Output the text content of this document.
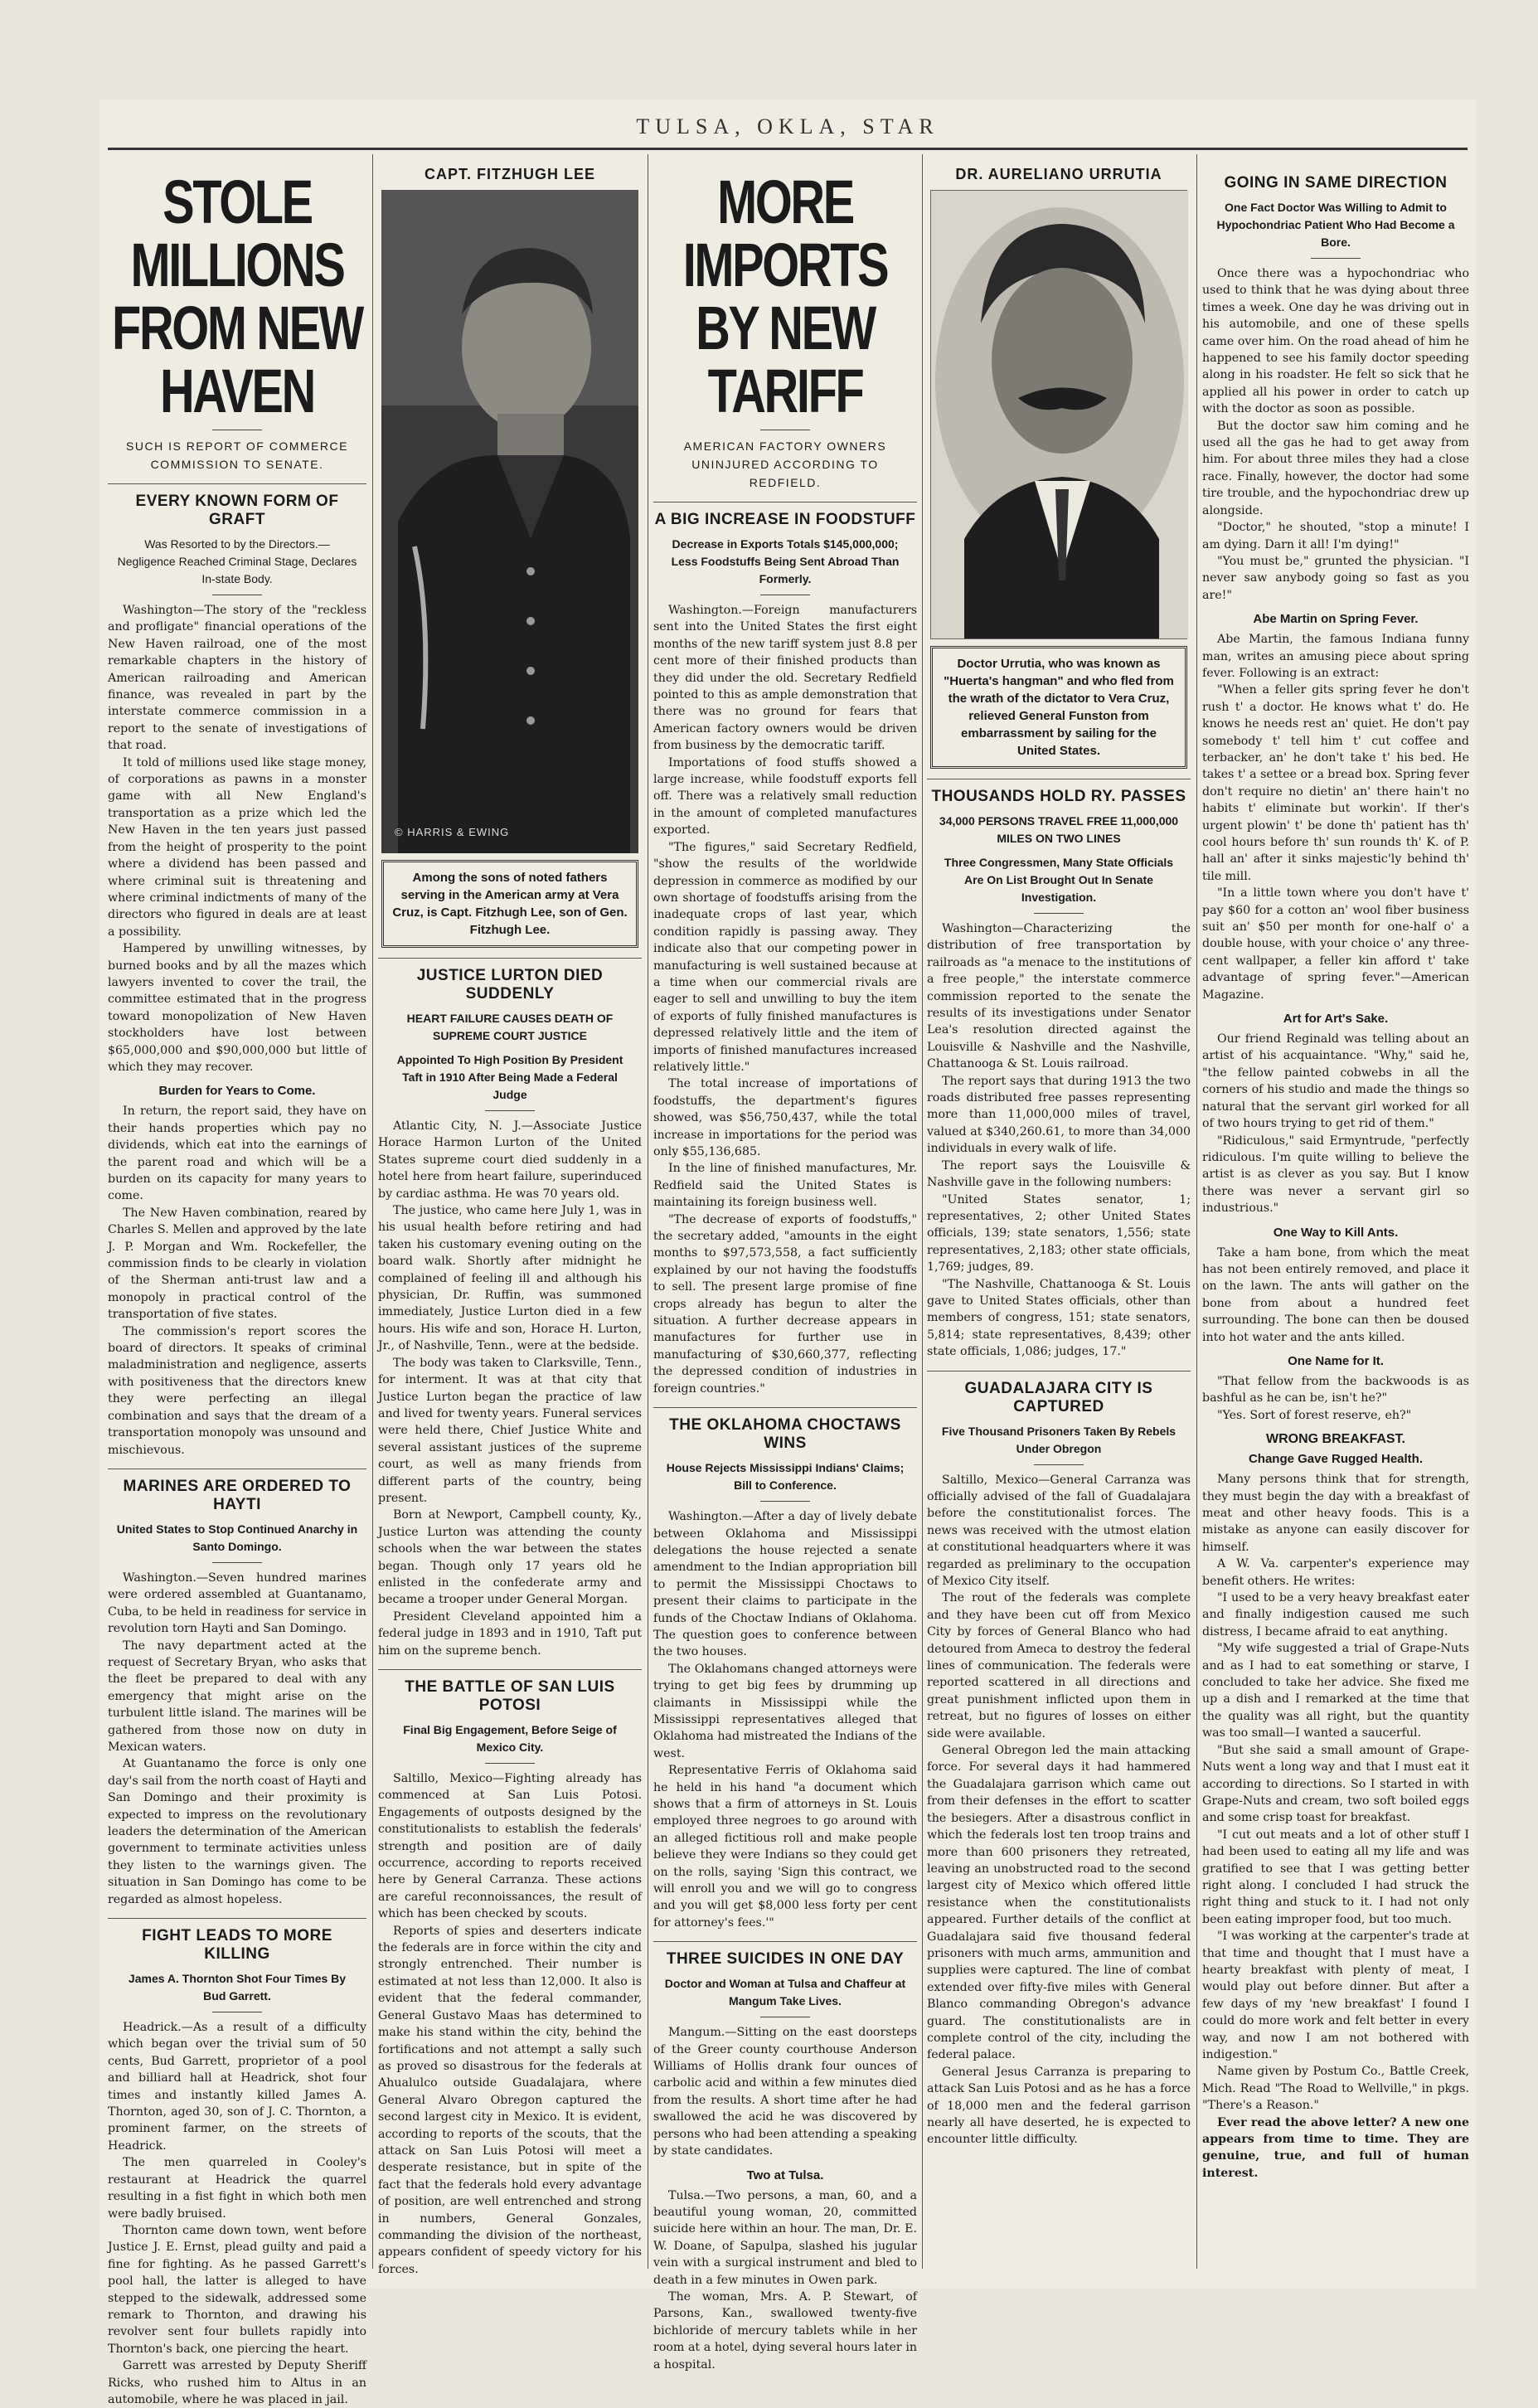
TULSA, OKLA, STAR
STOLE MILLIONS FROM NEW HAVEN
SUCH IS REPORT OF COMMERCE COMMISSION TO SENATE.
EVERY KNOWN FORM OF GRAFT
Was Resorted to by the Directors.—Negligence Reached Criminal Stage, Declares In-state Body.

Washington—The story of the "reckless and profligate" financial operations of the New Haven railroad, one of the most remarkable chapters in the history of American railroading and American finance, was revealed in part by the interstate commerce commission in a report to the senate of investigations of that road.

It told of millions used like stage money, of corporations as pawns in a monster game with all New England's transportation as a prize which led the New Haven in the ten years just passed from the height of prosperity to the point where a dividend has been passed and where criminal suit is threatening and where criminal indictments of many of the directors who figured in deals are at least a possibility.

Hampered by unwilling witnesses, by burned books and by all the mazes which lawyers invented to cover the trail, the committee estimated that in the progress toward monopolization of New Haven stockholders have lost between $65,000,000 and $90,000,000 but little of which they may recover.

Burden for Years to Come.

In return, the report said, they have on their hands properties which pay no dividends, which eat into the earnings of the parent road and which will be a burden on its capacity for many years to come.

The New Haven combination, reared by Charles S. Mellen and approved by the late J. P. Morgan and Wm. Rockefeller, the commission finds to be clearly in violation of the Sherman anti-trust law and a monopoly in practical control of the transportation of five states.

The commission's report scores the board of directors. It speaks of criminal maladministration and negligence, asserts with positiveness that the directors knew they were perfecting an illegal combination and says that the dream of a transportation monopoly was unsound and mischievous.

MARINES ARE ORDERED TO HAYTI
United States to Stop Continued Anarchy in Santo Domingo.

Washington.—Seven hundred marines were ordered assembled at Guantanamo, Cuba, to be held in readiness for service in revolution torn Hayti and San Domingo.

The navy department acted at the request of Secretary Bryan, who asks that the fleet be prepared to deal with any emergency that might arise on the turbulent little island. The marines will be gathered from those now on duty in Mexican waters.

At Guantanamo the force is only one day's sail from the north coast of Hayti and San Domingo and their proximity is expected to impress on the revolutionary leaders the determination of the American government to terminate activities unless they listen to the warnings given. The situation in San Domingo has come to be regarded as almost hopeless.

FIGHT LEADS TO MORE KILLING
James A. Thornton Shot Four Times By Bud Garrett.

Headrick.—As a result of a difficulty which began over the trivial sum of 50 cents, Bud Garrett, proprietor of a pool and billiard hall at Headrick, shot four times and instantly killed James A. Thornton, aged 30, son of J. C. Thornton, a prominent farmer, on the streets of Headrick.

The men quarreled in Cooley's restaurant at Headrick the quarrel resulting in a fist fight in which both men were badly bruised.

Thornton came down town, went before Justice J. E. Ernst, plead guilty and paid a fine for fighting. As he passed Garrett's pool hall, the latter is alleged to have stepped to the sidewalk, addressed some remark to Thornton, and drawing his revolver sent four bullets rapidly into Thornton's back, one piercing the heart.

Garrett was arrested by Deputy Sheriff Ricks, who rushed him to Altus in an automobile, where he was placed in jail.

CAPT. FITZHUGH LEE
© HARRIS & EWING
Among the sons of noted fathers serving in the American army at Vera Cruz, is Capt. Fitzhugh Lee, son of Gen. Fitzhugh Lee.
JUSTICE LURTON DIED SUDDENLY
HEART FAILURE CAUSES DEATH OF SUPREME COURT JUSTICE
Appointed To High Position By President Taft in 1910 After Being Made a Federal Judge

Atlantic City, N. J.—Associate Justice Horace Harmon Lurton of the United States supreme court died suddenly in a hotel here from heart failure, superinduced by cardiac asthma. He was 70 years old.

The justice, who came here July 1, was in his usual health before retiring and had taken his customary evening outing on the board walk. Shortly after midnight he complained of feeling ill and although his physician, Dr. Ruffin, was summoned immediately, Justice Lurton died in a few hours. His wife and son, Horace H. Lurton, Jr., of Nashville, Tenn., were at the bedside.

The body was taken to Clarksville, Tenn., for interment. It was at that city that Justice Lurton began the practice of law and lived for twenty years. Funeral services were held there, Chief Justice White and several assistant justices of the supreme court, as well as many friends from different parts of the country, being present.

Born at Newport, Campbell county, Ky., Justice Lurton was attending the county schools when the war between the states began. Though only 17 years old he enlisted in the confederate army and became a trooper under General Morgan.

President Cleveland appointed him a federal judge in 1893 and in 1910, Taft put him on the supreme bench.

THE BATTLE OF SAN LUIS POTOSI
Final Big Engagement, Before Seige of Mexico City.

Saltillo, Mexico—Fighting already has commenced at San Luis Potosi. Engagements of outposts designed by the constitutionalists to establish the federals' strength and position are of daily occurrence, according to reports received here by General Carranza. These actions are careful reconnoissances, the result of which has been checked by scouts.

Reports of spies and deserters indicate the federals are in force within the city and strongly entrenched. Their number is estimated at not less than 12,000. It also is evident that the federal commander, General Gustavo Maas has determined to make his stand within the city, behind the fortifications and not attempt a sally such as proved so disastrous for the federals at Ahualulco outside Guadalajara, where General Alvaro Obregon captured the second largest city in Mexico. It is evident, according to reports of the scouts, that the attack on San Luis Potosi will meet a desperate resistance, but in spite of the fact that the federals hold every advantage of position, are well entrenched and strong in numbers, General Gonzales, commanding the division of the northeast, appears confident of speedy victory for his forces.

MORE IMPORTS BY NEW TARIFF
AMERICAN FACTORY OWNERS UNINJURED ACCORDING TO REDFIELD.
A BIG INCREASE IN FOODSTUFF
Decrease in Exports Totals $145,000,000; Less Foodstuffs Being Sent Abroad Than Formerly.

Washington.—Foreign manufacturers sent into the United States the first eight months of the new tariff system just 8.8 per cent more of their finished products than they did under the old. Secretary Redfield pointed to this as ample demonstration that there was no ground for fears that American factory owners would be driven from business by the democratic tariff.

Importations of food stuffs showed a large increase, while foodstuff exports fell off. There was a relatively small reduction in the amount of completed manufactures exported.

"The figures," said Secretary Redfield, "show the results of the worldwide depression in commerce as modified by our own shortage of foodstuffs arising from the inadequate crops of last year, which condition rapidly is passing away. They indicate also that our competing power in manufacturing is well sustained because at a time when our commercial rivals are eager to sell and unwilling to buy the item of exports of fully finished manufactures is depressed relatively little and the item of imports of finished manufactures increased relatively little."

The total increase of importations of foodstuffs, the department's figures showed, was $56,750,437, while the total increase in importations for the period was only $55,136,685.

In the line of finished manufactures, Mr. Redfield said the United States is maintaining its foreign business well.

"The decrease of exports of foodstuffs," the secretary added, "amounts in the eight months to $97,573,558, a fact sufficiently explained by our not having the foodstuffs to sell. The present large promise of fine crops already has begun to alter the situation. A further decrease appears in manufactures for further use in manufacturing of $30,660,377, reflecting the depressed condition of industries in foreign countries."

THE OKLAHOMA CHOCTAWS WINS
House Rejects Mississippi Indians' Claims; Bill to Conference.

Washington.—After a day of lively debate between Oklahoma and Mississippi delegations the house rejected a senate amendment to the Indian appropriation bill to permit the Mississippi Choctaws to present their claims to participate in the funds of the Choctaw Indians of Oklahoma. The question goes to conference between the two houses.

The Oklahomans changed attorneys were trying to get big fees by drumming up claimants in Mississippi while the Mississippi representatives alleged that Oklahoma had mistreated the Indians of the west.

Representative Ferris of Oklahoma said he held in his hand "a document which shows that a firm of attorneys in St. Louis employed three negroes to go around with an alleged fictitious roll and make people believe they were Indians so they could get on the rolls, saying 'Sign this contract, we will enroll you and we will go to congress and you will get $8,000 less forty per cent for attorney's fees.'"

THREE SUICIDES IN ONE DAY
Doctor and Woman at Tulsa and Chaffeur at Mangum Take Lives.

Mangum.—Sitting on the east doorsteps of the Greer county courthouse Anderson Williams of Hollis drank four ounces of carbolic acid and within a few minutes died from the results. A short time after he had swallowed the acid he was discovered by persons who had been attending a speaking by state candidates.

Two at Tulsa.

Tulsa.—Two persons, a man, 60, and a beautiful young woman, 20, committed suicide here within an hour. The man, Dr. E. W. Doane, of Sapulpa, slashed his jugular vein with a surgical instrument and bled to death in a few minutes in Owen park.

The woman, Mrs. A. P. Stewart, of Parsons, Kan., swallowed twenty-five bichloride of mercury tablets while in her room at a hotel, dying several hours later in a hospital.

DR. AURELIANO URRUTIA
Doctor Urrutia, who was known as "Huerta's hangman" and who fled from the wrath of the dictator to Vera Cruz, relieved General Funston from embarrassment by sailing for the United States.
THOUSANDS HOLD RY. PASSES
34,000 PERSONS TRAVEL FREE 11,000,000 MILES ON TWO LINES
Three Congressmen, Many State Officials Are On List Brought Out In Senate Investigation.

Washington—Characterizing the distribution of free transportation by railroads as "a menace to the institutions of a free people," the interstate commerce commission reported to the senate the results of its investigations under Senator Lea's resolution directed against the Louisville & Nashville and the Nashville, Chattanooga & St. Louis railroad.

The report says that during 1913 the two roads distributed free passes representing more than 11,000,000 miles of travel, valued at $340,260.61, to more than 34,000 individuals in every walk of life.

The report says the Louisville & Nashville gave in the following numbers:

"United States senator, 1; representatives, 2; other United States officials, 139; state senators, 1,556; state representatives, 2,183; other state officials, 1,769; judges, 89.

"The Nashville, Chattanooga & St. Louis gave to United States officials, other than members of congress, 151; state senators, 5,814; state representatives, 8,439; other state officials, 1,086; judges, 17."

GUADALAJARA CITY IS CAPTURED
Five Thousand Prisoners Taken By Rebels Under Obregon

Saltillo, Mexico—General Carranza was officially advised of the fall of Guadalajara before the constitutionalist forces. The news was received with the utmost elation at constitutional headquarters where it was regarded as preliminary to the occupation of Mexico City itself.

The rout of the federals was complete and they have been cut off from Mexico City by forces of General Blanco who had detoured from Ameca to destroy the federal lines of communication. The federals were reported scattered in all directions and great punishment inflicted upon them in retreat, but no figures of losses on either side were available.

General Obregon led the main attacking force. For several days it had hammered the Guadalajara garrison which came out from their defenses in the effort to scatter the besiegers. After a disastrous conflict in which the federals lost ten troop trains and more than 600 prisoners they retreated, leaving an unobstructed road to the second largest city of Mexico which offered little resistance when the constitutionalists appeared. Further details of the conflict at Guadalajara said five thousand federal prisoners with much arms, ammunition and supplies were captured. The line of combat extended over fifty-five miles with General Blanco commanding Obregon's advance guard. The constitutionalists are in complete control of the city, including the federal palace.

General Jesus Carranza is preparing to attack San Luis Potosi and as he has a force of 18,000 men and the federal garrison nearly all have deserted, he is expected to encounter little difficulty.

GOING IN SAME DIRECTION
One Fact Doctor Was Willing to Admit to Hypochondriac Patient Who Had Become a Bore.

Once there was a hypochondriac who used to think that he was dying about three times a week. One day he was driving out in his automobile, and one of these spells came over him. On the road ahead of him he happened to see his family doctor speeding along in his roadster. He felt so sick that he applied all his power in order to catch up with the doctor as soon as possible.

But the doctor saw him coming and he used all the gas he had to get away from him. For about three miles they had a close race. Finally, however, the doctor had some tire trouble, and the hypochondriac drew up alongside.

"Doctor," he shouted, "stop a minute! I am dying. Darn it all! I'm dying!"

"You must be," grunted the physician. "I never saw anybody going so fast as you are!"

Abe Martin on Spring Fever.

Abe Martin, the famous Indiana funny man, writes an amusing piece about spring fever. Following is an extract:

"When a feller gits spring fever he don't rush t' a doctor. He knows what t' do. He knows he needs rest an' quiet. He don't pay somebody t' tell him t' cut coffee and terbacker, an' he don't take t' his bed. He takes t' a settee or a bread box. Spring fever don't require no dietin' an' there hain't no habits t' eliminate but workin'. If ther's urgent plowin' t' be done th' patient has th' cool hours before th' sun rounds th' K. of P. hall an' after it sinks majestic'ly behind th' tile mill.

"In a little town where you don't have t' pay $60 for a cotton an' wool fiber business suit an' $50 per month for one-half o' a double house, with your choice o' any three-cent wallpaper, a feller kin afford t' take advantage of spring fever."—American Magazine.

Art for Art's Sake.

Our friend Reginald was telling about an artist of his acquaintance. "Why," said he, "the fellow painted cobwebs in all the corners of his studio and made the things so natural that the servant girl worked for all of two hours trying to get rid of them."

"Ridiculous," said Ermyntrude, "perfectly ridiculous. I'm quite willing to believe the artist is as clever as you say. But I know there was never a servant girl so industrious."

One Way to Kill Ants.

Take a ham bone, from which the meat has not been entirely removed, and place it on the lawn. The ants will gather on the bone from about a hundred feet surrounding. The bone can then be doused into hot water and the ants killed.

One Name for It.

"That fellow from the backwoods is as bashful as he can be, isn't he?"

"Yes. Sort of forest reserve, eh?"

WRONG BREAKFAST.
Change Gave Rugged Health.

Many persons think that for strength, they must begin the day with a breakfast of meat and other heavy foods. This is a mistake as anyone can easily discover for himself.

A W. Va. carpenter's experience may benefit others. He writes:

"I used to be a very heavy breakfast eater and finally indigestion caused me such distress, I became afraid to eat anything.

"My wife suggested a trial of Grape-Nuts and as I had to eat something or starve, I concluded to take her advice. She fixed me up a dish and I remarked at the time that the quality was all right, but the quantity was too small—I wanted a saucerful.

"But she said a small amount of Grape-Nuts went a long way and that I must eat it according to directions. So I started in with Grape-Nuts and cream, two soft boiled eggs and some crisp toast for breakfast.

"I cut out meats and a lot of other stuff I had been used to eating all my life and was gratified to see that I was getting better right along. I concluded I had struck the right thing and stuck to it. I had not only been eating improper food, but too much.

"I was working at the carpenter's trade at that time and thought that I must have a hearty breakfast with plenty of meat, I would play out before dinner. But after a few days of my 'new breakfast' I found I could do more work and felt better in every way, and now I am not bothered with indigestion."

Name given by Postum Co., Battle Creek, Mich. Read "The Road to Wellville," in pkgs. "There's a Reason."

Ever read the above letter? A new one appears from time to time. They are genuine, true, and full of human interest.
